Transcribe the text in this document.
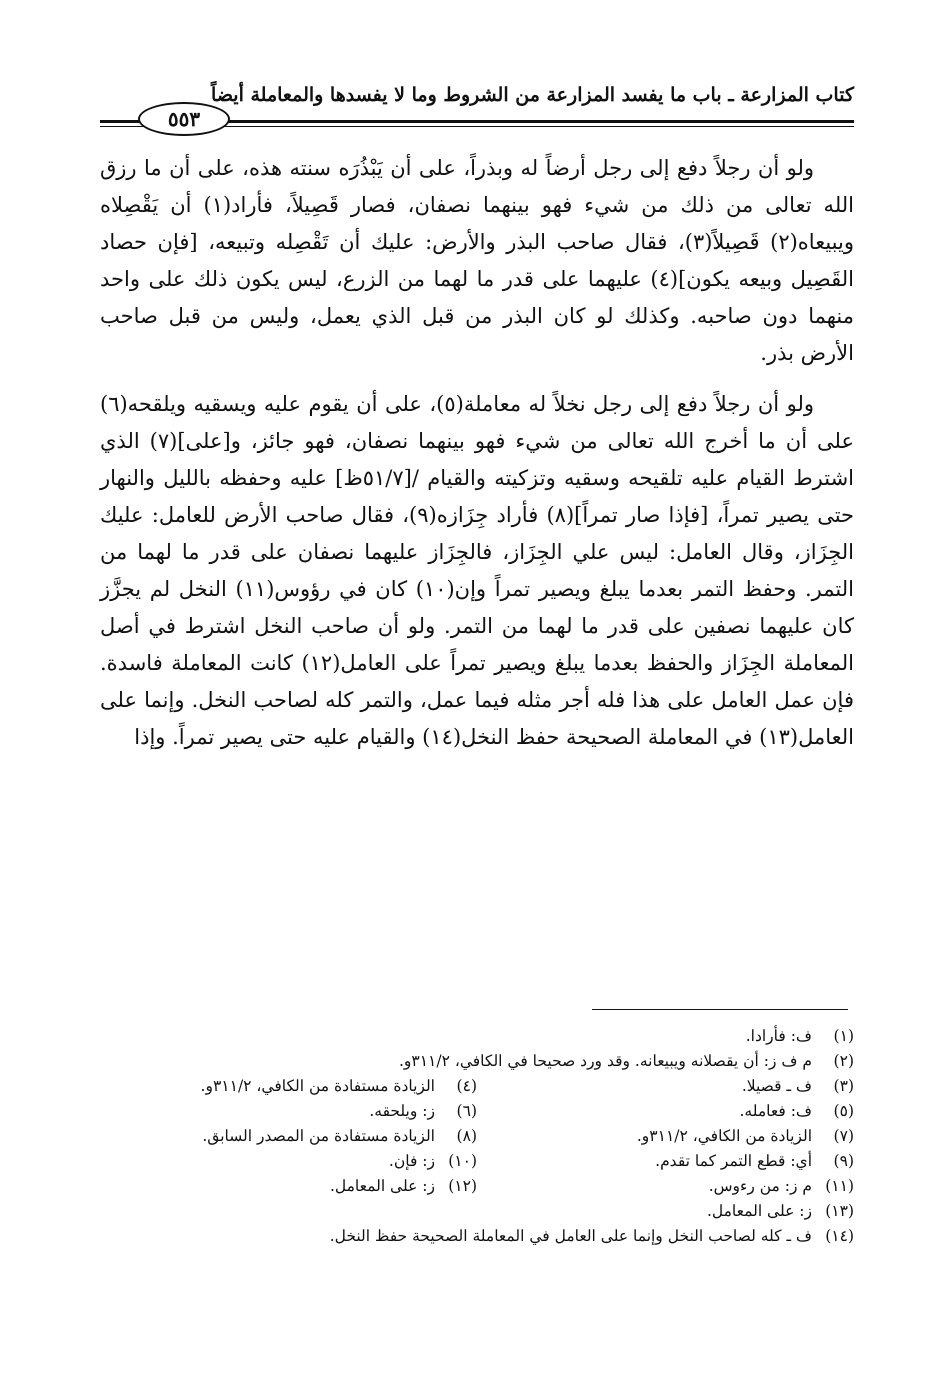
كتاب المزارعة ـ باب ما يفسد المزارعة من الشروط وما لا يفسدها والمعاملة أيضاً
٥٥٣

ولو أن رجلاً دفع إلى رجل أرضاً له وبذراً، على أن يَبْذُرَه سنته هذه، على أن ما رزق الله تعالى من ذلك من شيء فهو بينهما نصفان، فصار قَصِيلاً، فأراد(١) أن يَقْصِلاه ويبيعاه(٢) قَصِيلاً(٣)، فقال صاحب البذر والأرض: عليك أن تَقْصِله وتبيعه، [فإن حصاد القَصِيل وبيعه يكون](٤) عليهما على قدر ما لهما من الزرع، ليس يكون ذلك على واحد منهما دون صاحبه. وكذلك لو كان البذر من قبل الذي يعمل، وليس من قبل صاحب الأرض بذر.

ولو أن رجلاً دفع إلى رجل نخلاً له معاملة(٥)، على أن يقوم عليه ويسقيه ويلقحه(٦) على أن ما أخرج الله تعالى من شيء فهو بينهما نصفان، فهو جائز، و[على](٧) الذي اشترط القيام عليه تلقيحه وسقيه وتزكيته والقيام /[٥١/٧ظ] عليه وحفظه بالليل والنهار حتى يصير تمراً، [فإذا صار تمراً](٨) فأراد جِزَازه(٩)، فقال صاحب الأرض للعامل: عليك الجِزَاز، وقال العامل: ليس علي الجِزَاز، فالجِزَاز عليهما نصفان على قدر ما لهما من التمر. وحفظ التمر بعدما يبلغ ويصير تمراً وإن(١٠) كان في رؤوس(١١) النخل لم يجزَّز كان عليهما نصفين على قدر ما لهما من التمر. ولو أن صاحب النخل اشترط في أصل المعاملة الجِزَاز والحفظ بعدما يبلغ ويصير تمراً على العامل(١٢) كانت المعاملة فاسدة. فإن عمل العامل على هذا فله أجر مثله فيما عمل، والتمر كله لصاحب النخل. وإنما على العامل(١٣) في المعاملة الصحيحة حفظ النخل(١٤) والقيام عليه حتى يصير تمراً. وإذا

(١)
ف: فأرادا.
(٢)
م ف ز: أن يقصلانه ويبيعانه. وقد ورد صحيحا في الكافي، ٣١١/٢و.
(٣)
ف ـ قصيلا.
(٤)
الزيادة مستفادة من الكافي، ٣١١/٢و.
(٥)
ف: فعامله.
(٦)
ز: ويلحقه.
(٧)
الزيادة من الكافي، ٣١١/٢و.
(٨)
الزيادة مستفادة من المصدر السابق.
(٩)
أي: قطع التمر كما تقدم.
(١٠)
ز: فإن.
(١١)
م ز: من رءوس.
(١٢)
ز: على المعامل.
(١٣)
ز: على المعامل.
(١٤)
ف ـ كله لصاحب النخل وإنما على العامل في المعاملة الصحيحة حفظ النخل.
